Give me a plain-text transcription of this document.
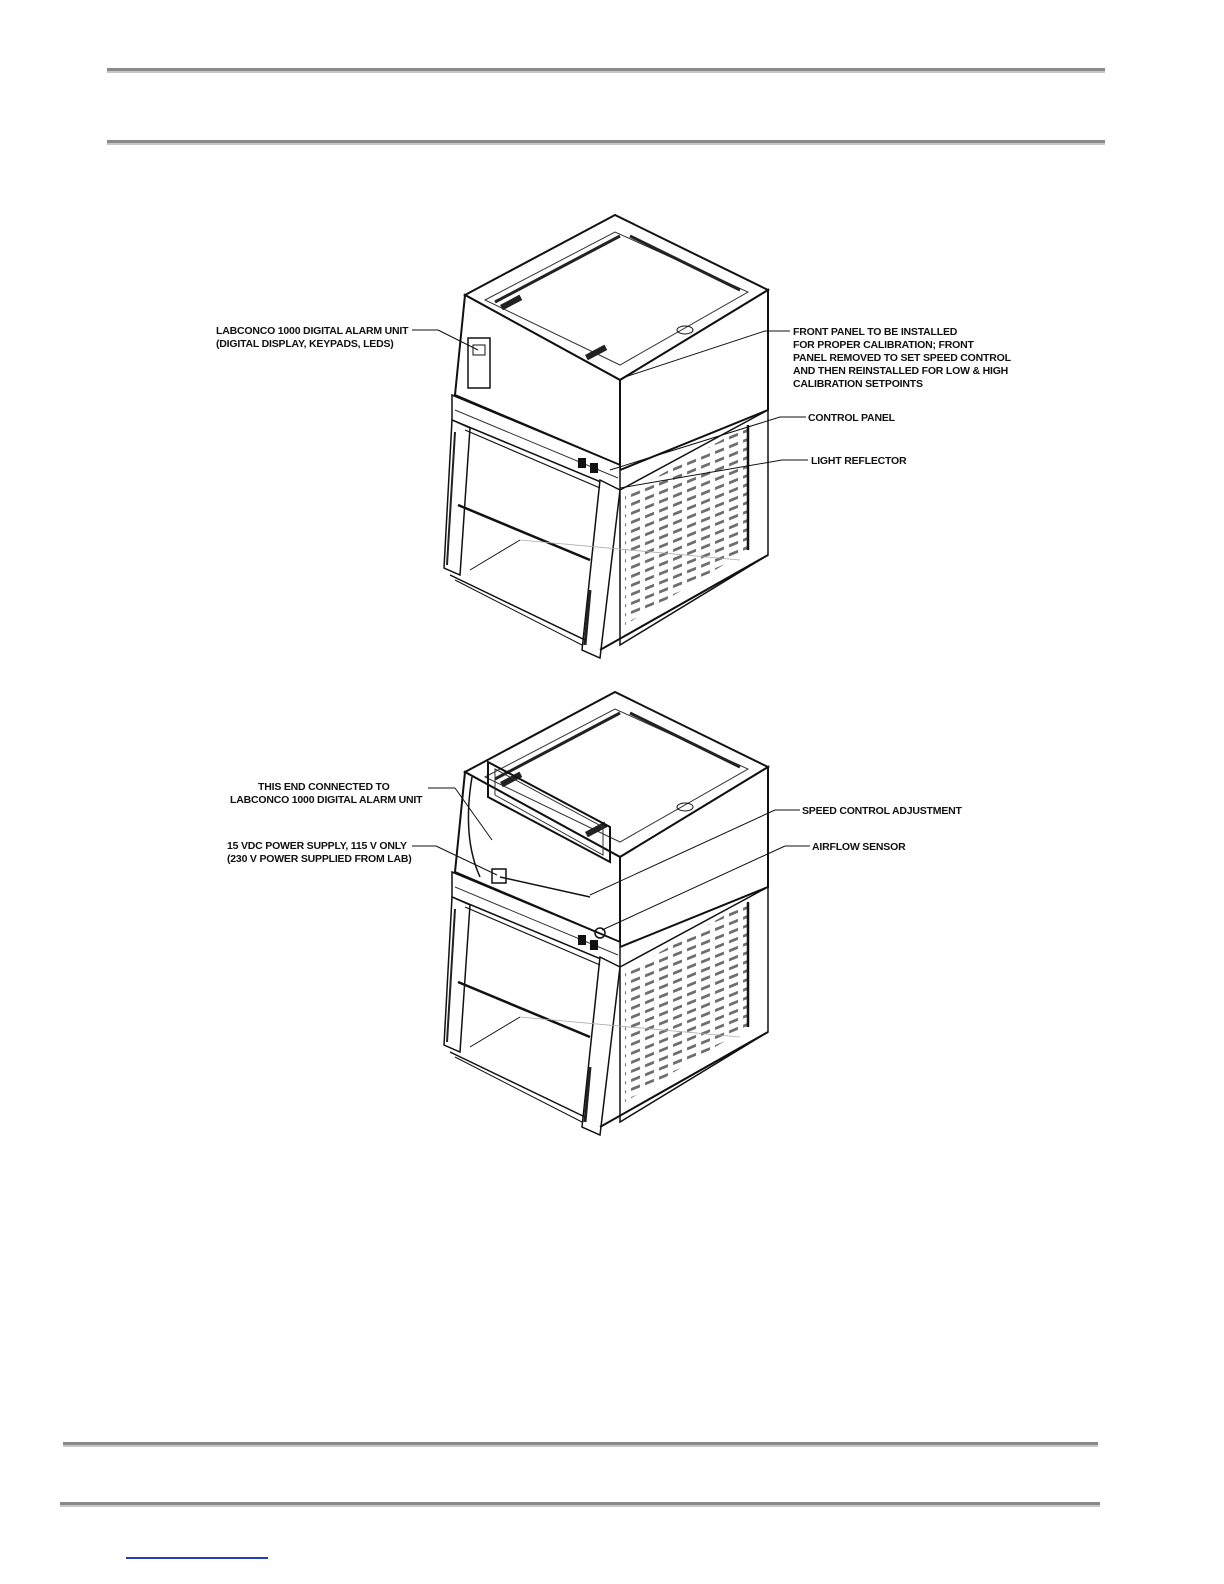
LABCONCO 1000 DIGITAL ALARM UNIT
(DIGITAL DISPLAY, KEYPADS, LEDS)
FRONT PANEL TO BE INSTALLED
FOR PROPER CALIBRATION; FRONT
PANEL REMOVED TO SET SPEED CONTROL
AND THEN REINSTALLED FOR LOW & HIGH
CALIBRATION SETPOINTS
CONTROL PANEL
LIGHT REFLECTOR
THIS END CONNECTED TO
LABCONCO 1000 DIGITAL ALARM UNIT
15 VDC POWER SUPPLY, 115 V ONLY
(230 V POWER SUPPLIED FROM LAB)
SPEED CONTROL ADJUSTMENT
AIRFLOW SENSOR
